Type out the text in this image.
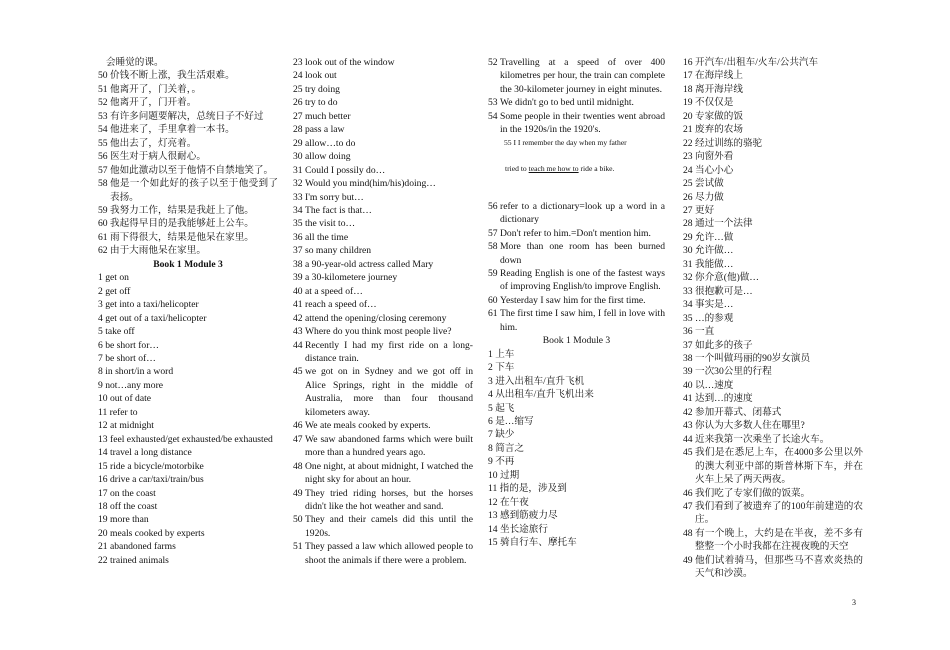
会睡觉的课。
50 价钱不断上涨，我生活艰难。
51 他离开了，门关着，。
52 他离开了，门开着。
53 有许多问题要解决，总统日子不好过
54 他进来了，手里拿着一本书。
55 他出去了，灯亮着。
56 医生对于病人很耐心。
57 他如此激动以至于他情不自禁地笑了。
58 他是一个如此好的孩子以至于他受到了表扬。
59 我努力工作，结果是我赶上了他。
60 我起得早目的是我能够赶上公车。
61 雨下得很大，结果是他呆在家里。
62 由于大雨他呆在家里。
Book 1 Module 3
1 get on
2 get off
3 get into a taxi/helicopter
4 get out of a taxi/helicopter
5 take off
6 be short for…
7 be short of…
8 in short/in a word
9 not…any more
10 out of date
11 refer to
12 at midnight
13 feel exhausted/get exhausted/be exhausted
14 travel a long distance
15 ride a bicycle/motorbike
16 drive a car/taxi/train/bus
17 on the coast
18 off the coast
19 more than
20 meals cooked by experts
21 abandoned farms
22 trained animals
23 look out of the window
24 look out
25 try doing
26 try to do
27 much better
28 pass a law
29 allow…to do
30 allow doing
31 Could I possily do…
32 Would you mind(him/his)doing…
33 I'm sorry but…
34 The fact is that…
35 the visit to…
36 all the time
37 so many children
38 a 90-year-old actress called Mary
39 a 30-kilometere journey
40 at a speed of…
41 reach a speed of…
42 attend the opening/closing ceremony
43 Where do you think most people live?
44 Recently I had my first ride on a long-distance train.
45 we got on in Sydney and we got off in Alice Springs, right in the middle of Australia, more than four thousand kilometers away.
46 We ate meals cooked by experts.
47 We saw abandoned farms which were built more than a hundred years ago.
48 One night, at about midnight, I watched the night sky for about an hour.
49 They tried riding horses, but the horses didn't like the hot weather and sand.
50 They and their camels did this until the 1920s.
51 They passed a law which allowed people to shoot the animals if there were a problem.
52 Travelling at a speed of over 400 kilometres per hour, the train can complete the 30-kilometer journey in eight minutes.
53 We didn't go to bed until midnight.
54 Some people in their twenties went abroad in the 1920s/in the 1920's.
55 I I remember the day when my father
tried to teach me how to ride a bike.
56 refer to a dictionary=look up a word in a dictionary
57 Don't refer to him.=Don't mention him.
58 More than one room has been burned down
59 Reading English is one of the fastest ways of improving English/to improve English.
60 Yesterday I saw him for the first time.
61 The first time I saw him, I fell in love with him.
Book 1 Module 3
1 上车
2 下车
3 进入出租车/直升飞机
4 从出租车/直升飞机出来
5 起飞
6 是…缩写
7 缺少
8 简言之
9 不再
10 过期
11 指的是，涉及到
12 在午夜
13 感到筋疲力尽
14 坐长途旅行
15 骑自行车、摩托车
16 开汽车/出租车/火车/公共汽车
17 在海岸线上
18 离开海岸线
19 不仅仅是
20 专家做的饭
21 废弃的农场
22 经过训练的骆驼
23 向窗外看
24 当心小心
25 尝试做
26 尽力做
27 更好
28 通过一个法律
29 允许…做
30 允许做…
31 我能做…
32 你介意(他)做…
33 很抱歉可是…
34 事实是…
35 …的参观
36 一直
37 如此多的孩子
38 一个叫做玛丽的90岁女演员
39 一次30公里的行程
40 以…速度
41 达到…的速度
42 参加开幕式、闭幕式
43 你认为大多数人住在哪里?
44 近来我第一次乘坐了长途火车。
45 我们是在悉尼上车，在4000多公里以外的澳大利亚中部的斯普林斯下车，并在火车上呆了两天两夜。
46 我们吃了专家们做的饭菜。
47 我们看到了被遗弃了的100年前建造的农庄。
48 有一个晚上，大约是在半夜，差不多有整整一个小时我都在注视夜晚的天空
49 他们试着骑马，但那些马不喜欢炎热的天气和沙漠。
3
